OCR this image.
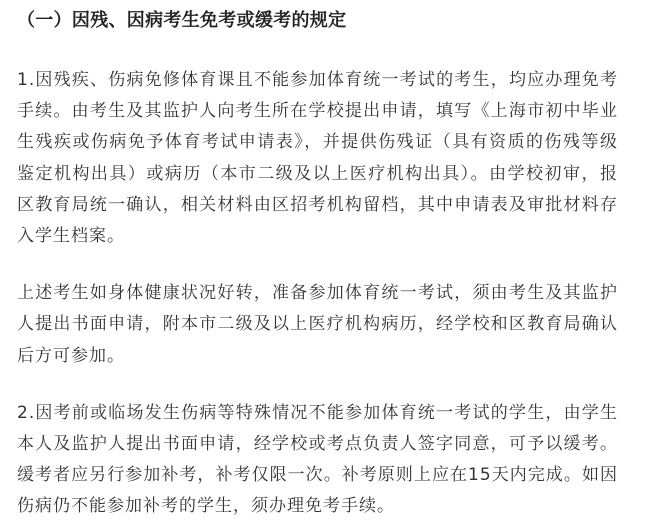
（一）因残、因病考生免考或缓考的规定

1.因残疾、伤病免修体育课且不能参加体育统一考试的考生，均应办理免考手续。由考生及其监护人向考生所在学校提出申请，填写《上海市初中毕业生残疾或伤病免予体育考试申请表》，并提供伤残证（具有资质的伤残等级鉴定机构出具）或病历（本市二级及以上医疗机构出具）。由学校初审，报区教育局统一确认，相关材料由区招考机构留档，其中申请表及审批材料存入学生档案。

上述考生如身体健康状况好转，准备参加体育统一考试，须由考生及其监护人提出书面申请，附本市二级及以上医疗机构病历，经学校和区教育局确认后方可参加。

2.因考前或临场发生伤病等特殊情况不能参加体育统一考试的学生，由学生本人及监护人提出书面申请，经学校或考点负责人签字同意，可予以缓考。缓考者应另行参加补考，补考仅限一次。补考原则上应在15天内完成。如因伤病仍不能参加补考的学生，须办理免考手续。
